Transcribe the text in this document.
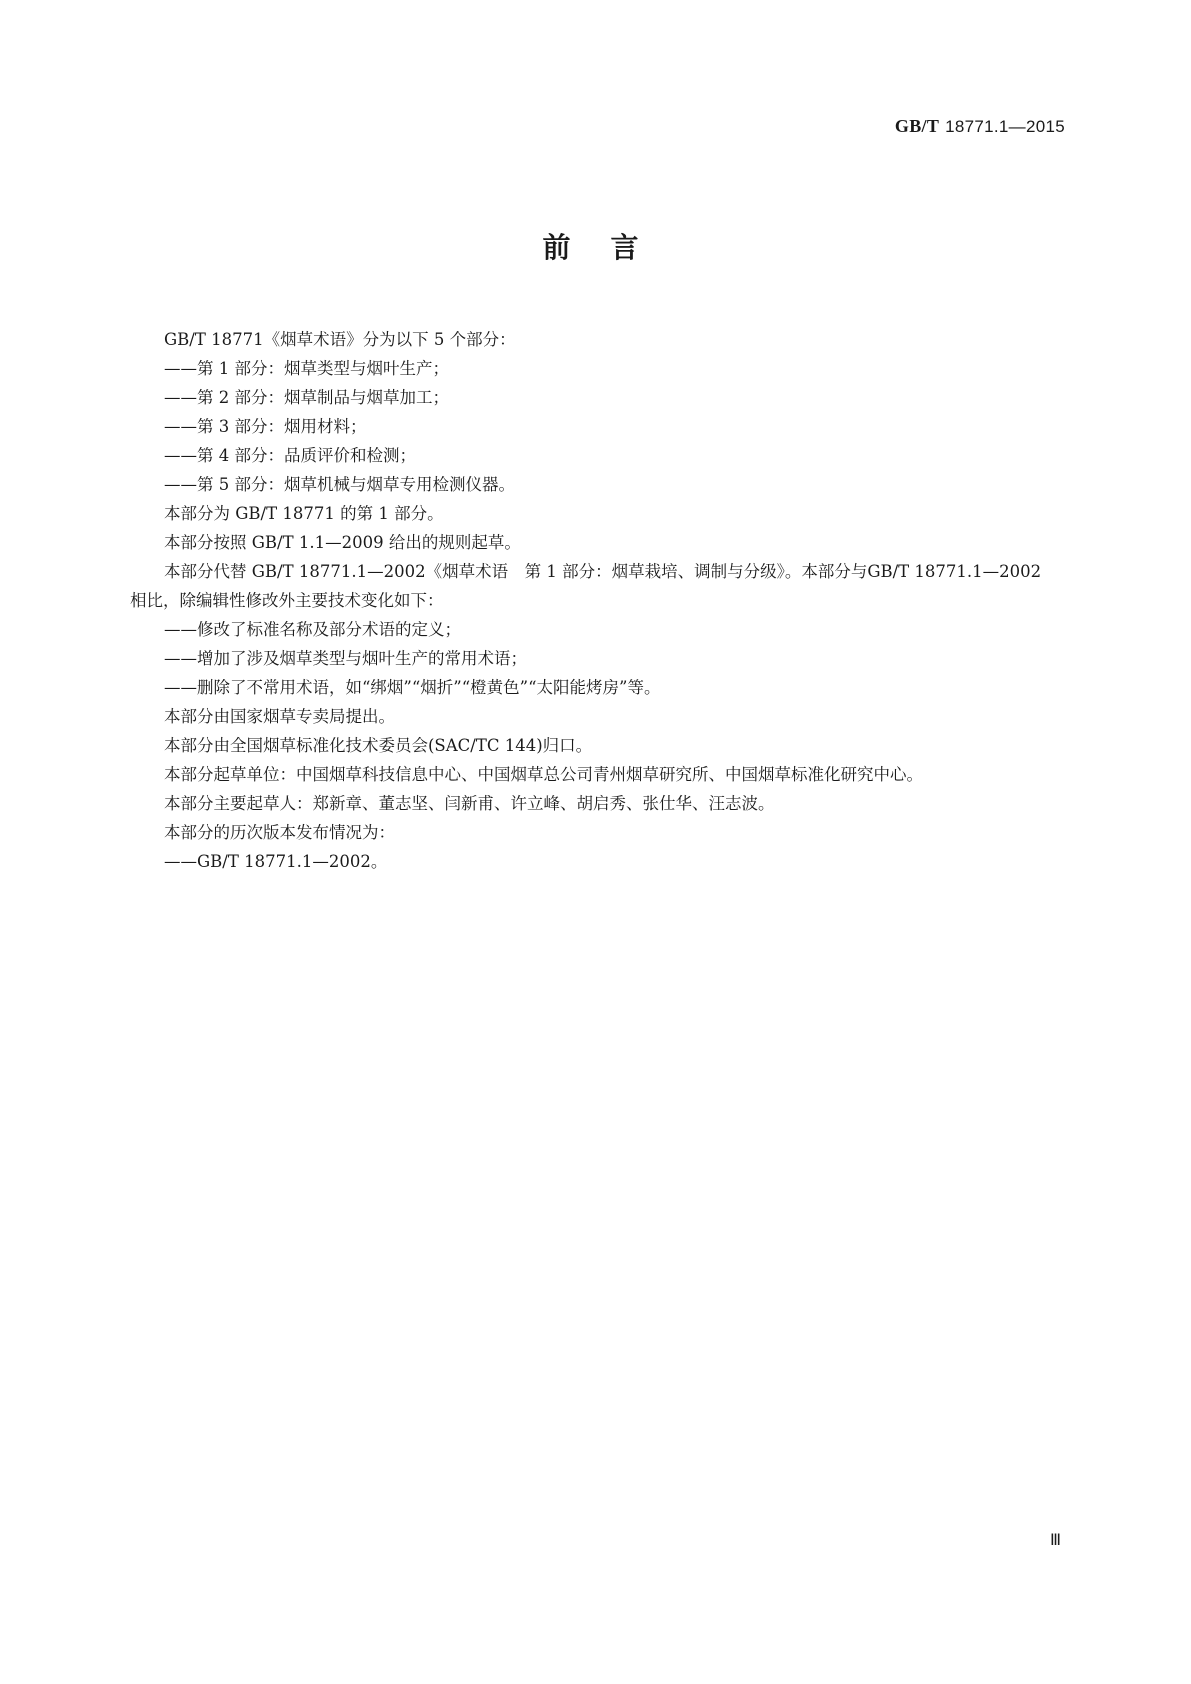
GB/T 18771.1—2015
前言

GB/T 18771《烟草术语》分为以下 5 个部分：

——第 1 部分：烟草类型与烟叶生产；

——第 2 部分：烟草制品与烟草加工；

——第 3 部分：烟用材料；

——第 4 部分：品质评价和检测；

——第 5 部分：烟草机械与烟草专用检测仪器。

本部分为 GB/T 18771 的第 1 部分。

本部分按照 GB/T 1.1—2009 给出的规则起草。

本部分代替 GB/T 18771.1—2002《烟草术语　第 1 部分：烟草栽培、调制与分级》。本部分与GB/T 18771.1—2002 相比，除编辑性修改外主要技术变化如下：

——修改了标准名称及部分术语的定义；

——增加了涉及烟草类型与烟叶生产的常用术语；

——删除了不常用术语，如“绑烟”“烟折”“橙黄色”“太阳能烤房”等。

本部分由国家烟草专卖局提出。

本部分由全国烟草标准化技术委员会(SAC/TC 144)归口。

本部分起草单位：中国烟草科技信息中心、中国烟草总公司青州烟草研究所、中国烟草标准化研究中心。

本部分主要起草人：郑新章、董志坚、闫新甫、许立峰、胡启秀、张仕华、汪志波。

本部分的历次版本发布情况为：

——GB/T 18771.1—2002。

Ⅲ
